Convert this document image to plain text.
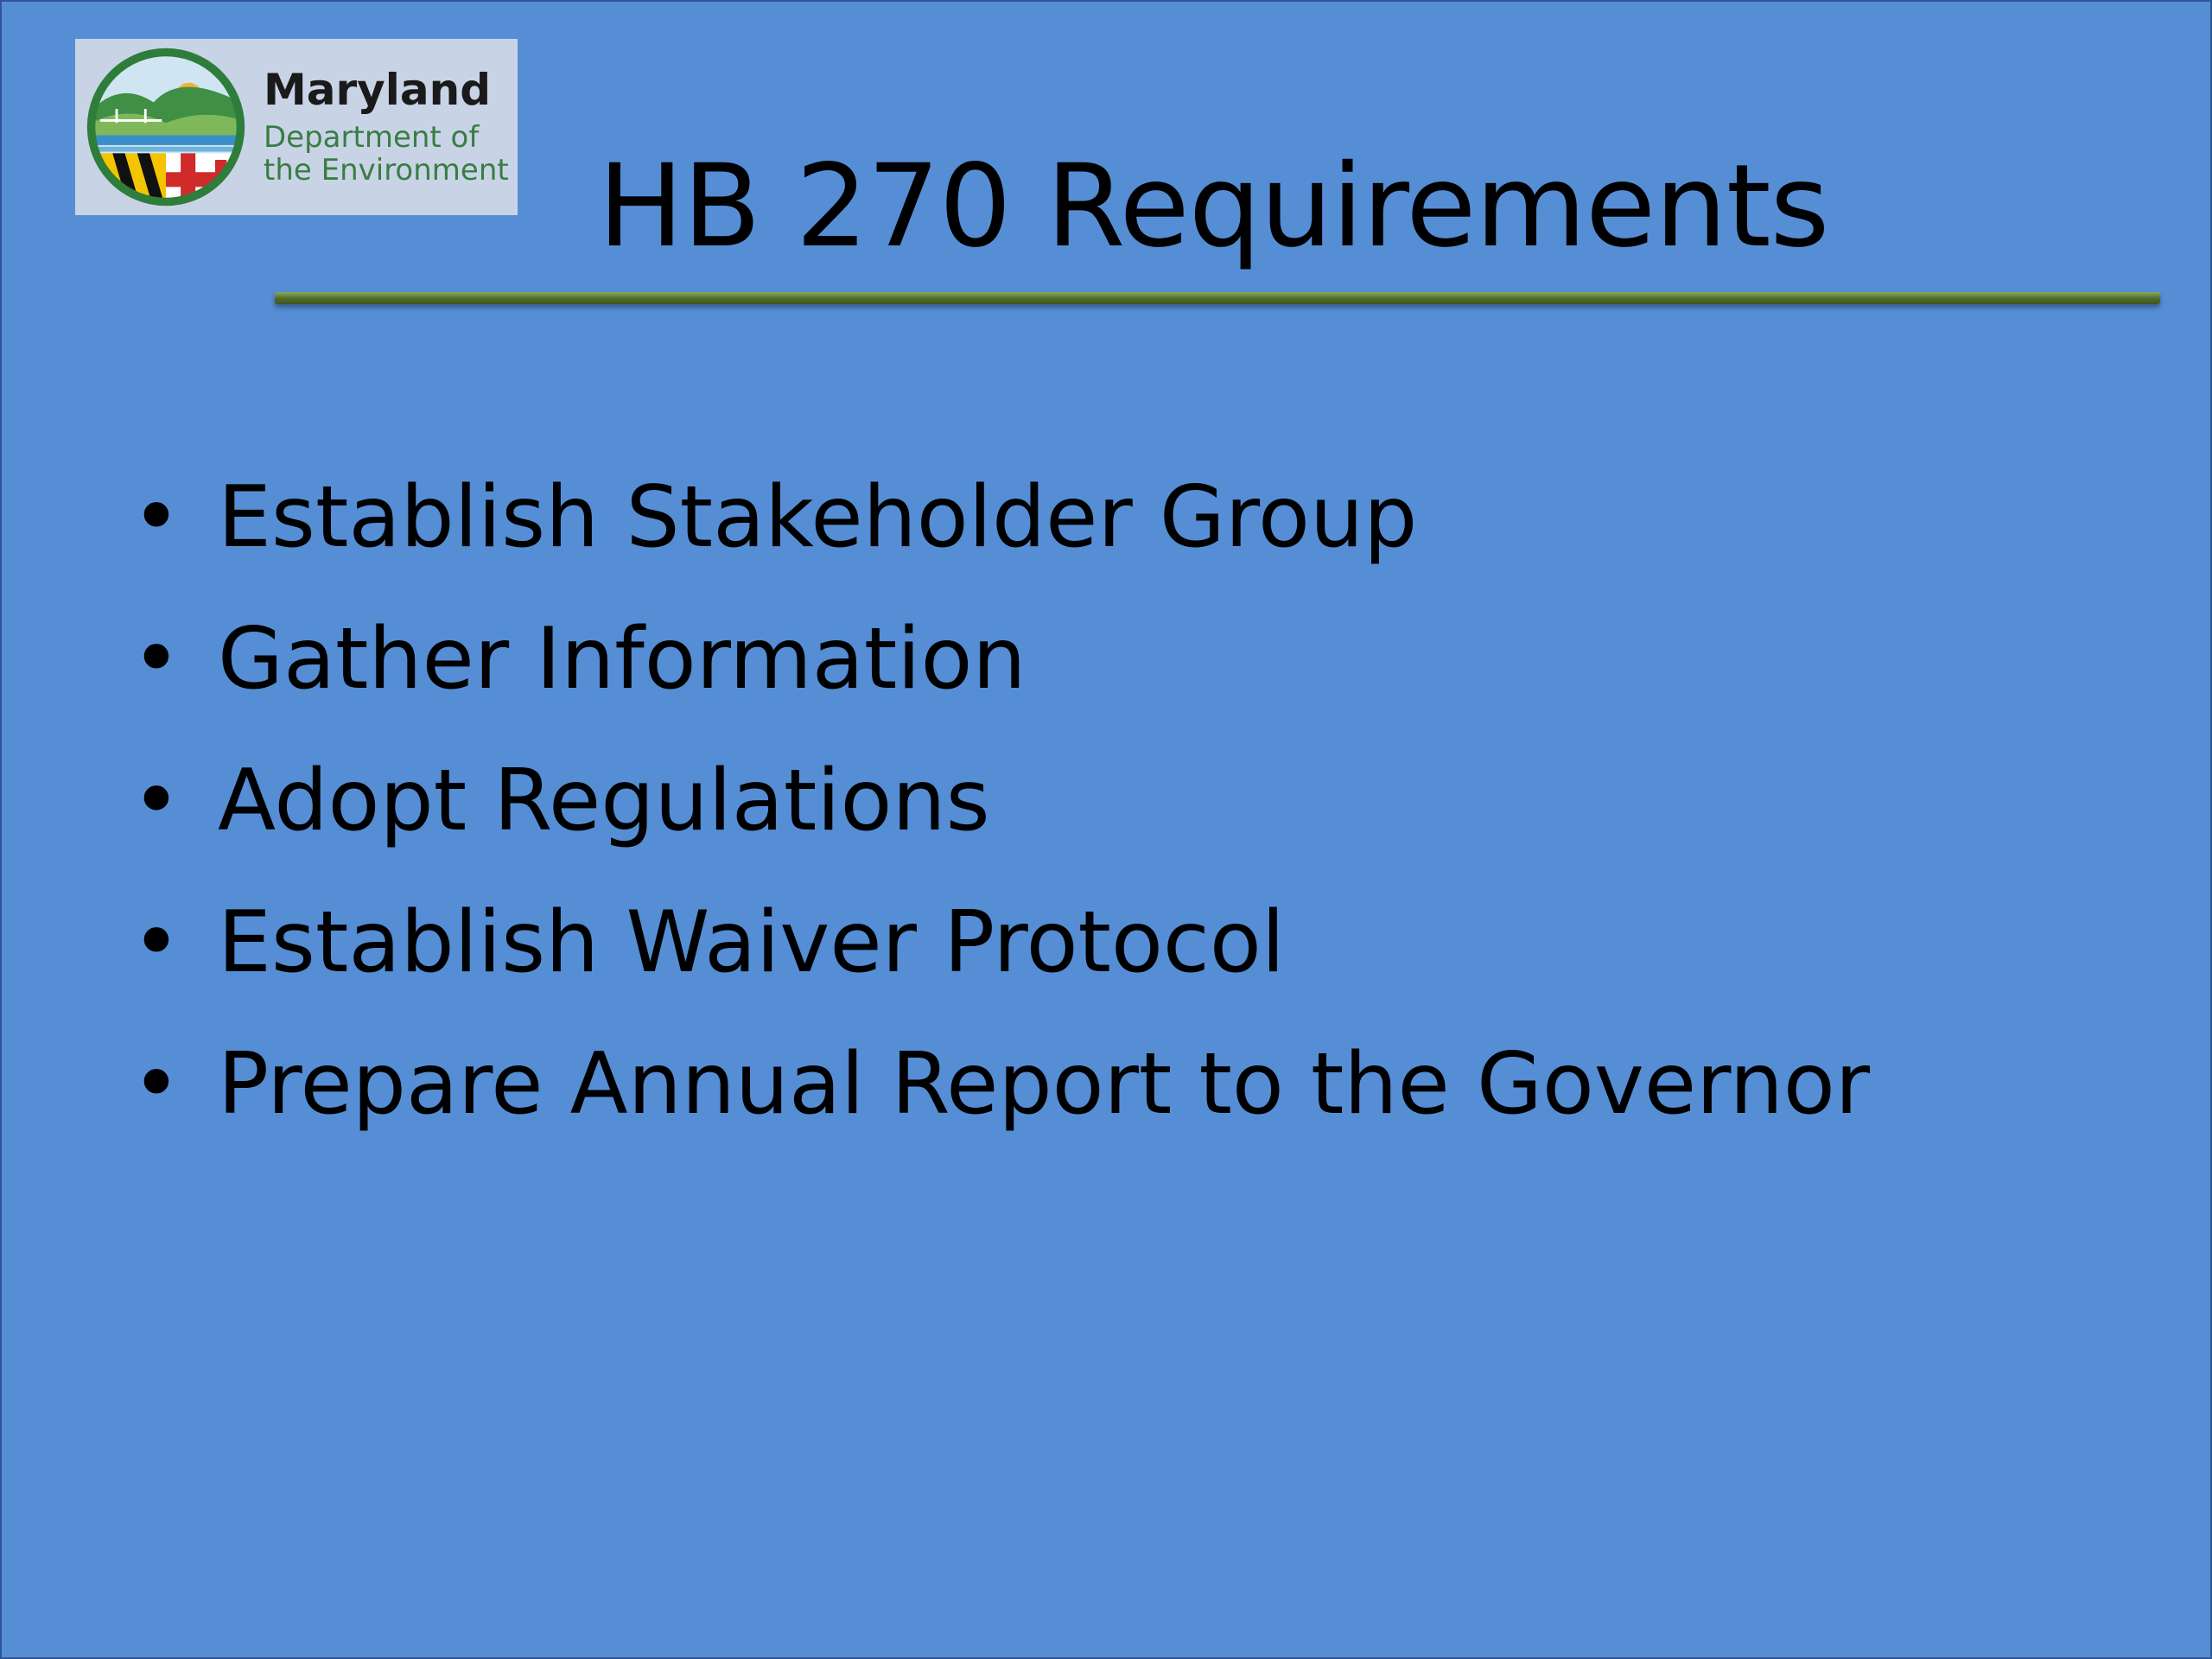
Maryland
Department of
the Environment HB 270 Requirements
• Establish Stakeholder Group
• Gather Information
• Adopt Regulations
• Establish Waiver Protocol
• Prepare Annual Report to the Governor
